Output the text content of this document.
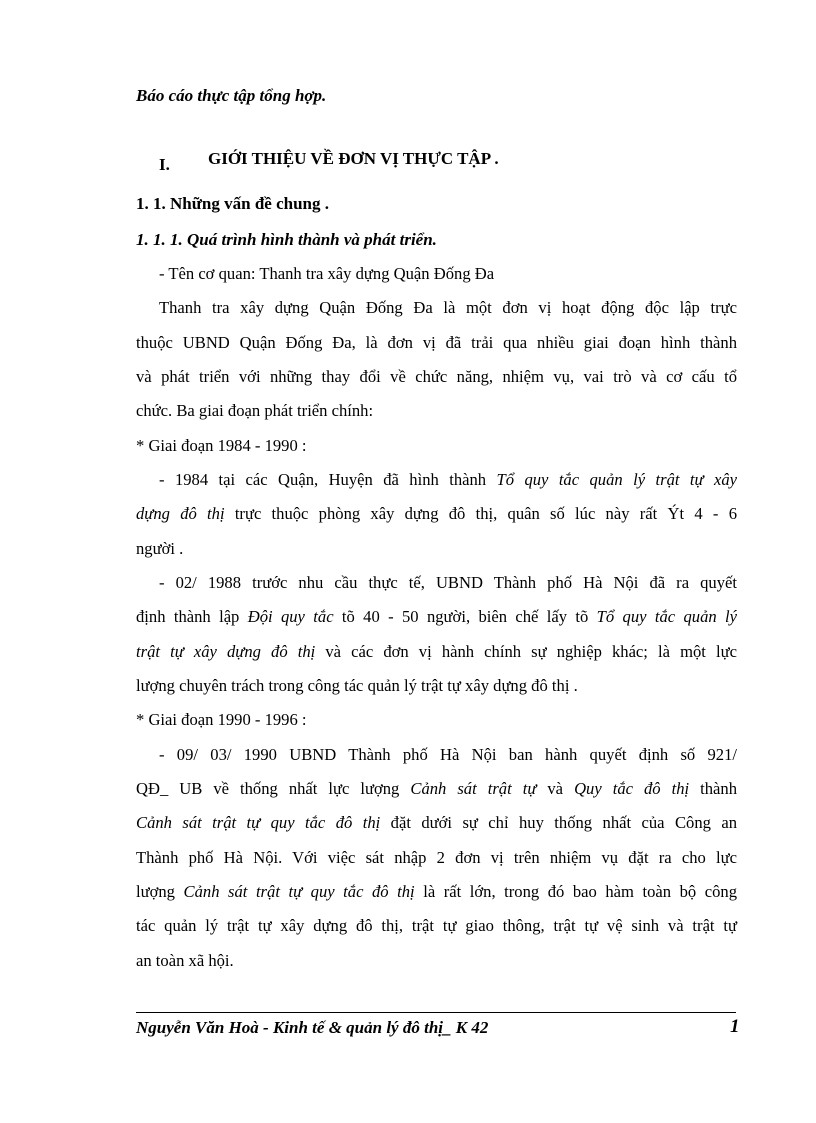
Báo cáo thực tập tổng hợp.

I. GIỚI THIỆU VỀ ĐƠN VỊ THỰC TẬP .

1. 1. Những vấn đề chung .

1. 1. 1. Quá trình hình thành và phát triển.

- Tên cơ quan: Thanh tra xây dựng Quận Đống Đa
Thanh tra xây dựng Quận Đống Đa là một đơn vị hoạt động độc lập trực
thuộc UBND Quận Đống Đa, là đơn vị đã trải qua nhiều giai đoạn hình thành
và phát triển với những thay đổi về chức năng, nhiệm vụ, vai trò và cơ cấu tổ
chức. Ba giai đoạn phát triển chính:
* Giai đoạn 1984 - 1990 :
- 1984 tại các Quận, Huyện đã hình thành Tổ quy tắc quản lý trật tự xây
dựng đô thị trực thuộc phòng xây dựng đô thị, quân số lúc này rất Ýt 4 - 6
người .
- 02/ 1988 trước nhu cầu thực tế, UBND Thành phố Hà Nội đã ra quyết
định thành lập Đội quy tắc tõ 40 - 50 người, biên chế lấy tõ Tổ quy tắc quản lý
trật tự xây dựng đô thị và các đơn vị hành chính sự nghiệp khác; là một lực
lượng chuyên trách trong công tác quản lý trật tự xây dựng đô thị .
* Giai đoạn 1990 - 1996 :
- 09/ 03/ 1990 UBND Thành phố Hà Nội ban hành quyết định số 921/
QĐ_ UB về thống nhất lực lượng Cảnh sát trật tự và Quy tắc đô thị thành
Cảnh sát trật tự quy tắc đô thị đặt dưới sự chỉ huy thống nhất của Công an
Thành phố Hà Nội. Với việc sát nhập 2 đơn vị trên nhiệm vụ đặt ra cho lực
lượng Cảnh sát trật tự quy tắc đô thị là rất lớn, trong đó bao hàm toàn bộ công
tác quản lý trật tự xây dựng đô thị, trật tự giao thông, trật tự vệ sinh và trật tự
an toàn xã hội.

Nguyễn Văn Hoà - Kinh tế & quản lý đô thị_ K 42	1
